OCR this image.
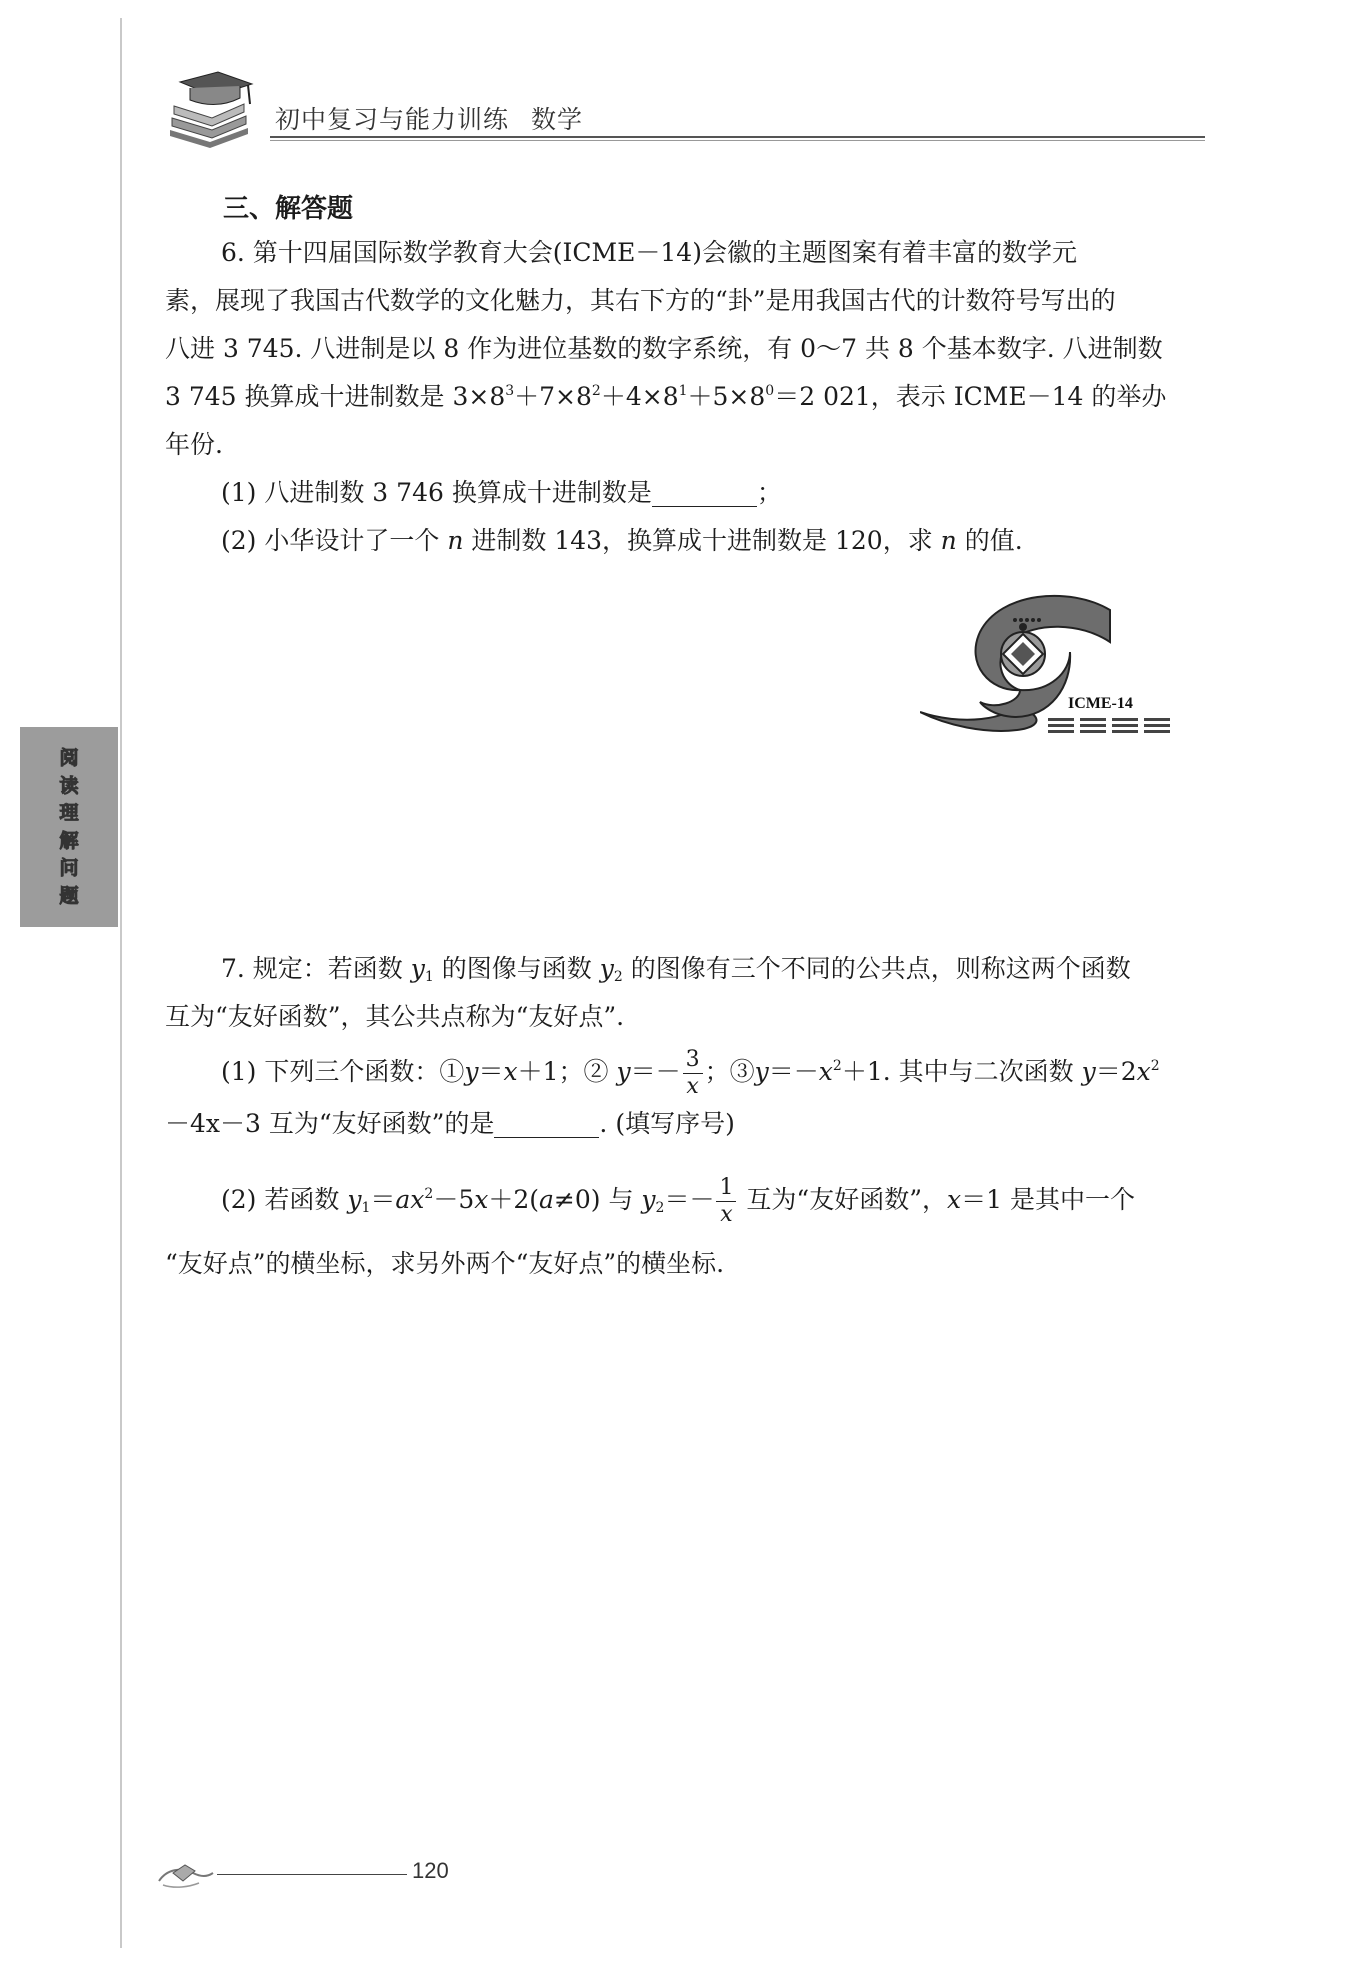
初中复习与能力训练 数学
阅
读
理
解
问
题
三、解答题
6. 第十四届国际数学教育大会(ICME－14)会徽的主题图案有着丰富的数学元
素，展现了我国古代数学的文化魅力，其右下方的“卦”是用我国古代的计数符号写出的
八进 3 745. 八进制是以 8 作为进位基数的数字系统，有 0～7 共 8 个基本数字. 八进制数
3 745 换算成十进制数是 $3\times 8^3+7\times 8^2+4\times 8^1+5\times 8^0=2$ 021，表示 ICME－14 的举办
年份.
(1) 八进制数 3 746 换算成十进制数是	；
(2) 小华设计了一个 n 进制数 143，换算成十进制数是 120，求 n 的值.
7. 规定：若函数 $y_1$ 的图像与函数 $y_2$ 的图像有三个不同的公共点，则称这两个函数
互为“友好函数”，其公共点称为“友好点”.
(1) 下列三个函数：①y＝x＋1；② $y=- \frac{3}{x}$ ；$③y=-x^2+1$. 其中与二次函数 $y=2x^2$
－4x－3 互为“友好函数”的是	. (填写序号)
(2) 若函数 $y_1=ax^2-5x+2(a\ne 0)$ 与 $y_2=- \frac{1}{x}$ 互为“友好函数”，x＝1 是其中一个
“友好点”的横坐标，求另外两个“友好点”的横坐标.
ICME-14
120
